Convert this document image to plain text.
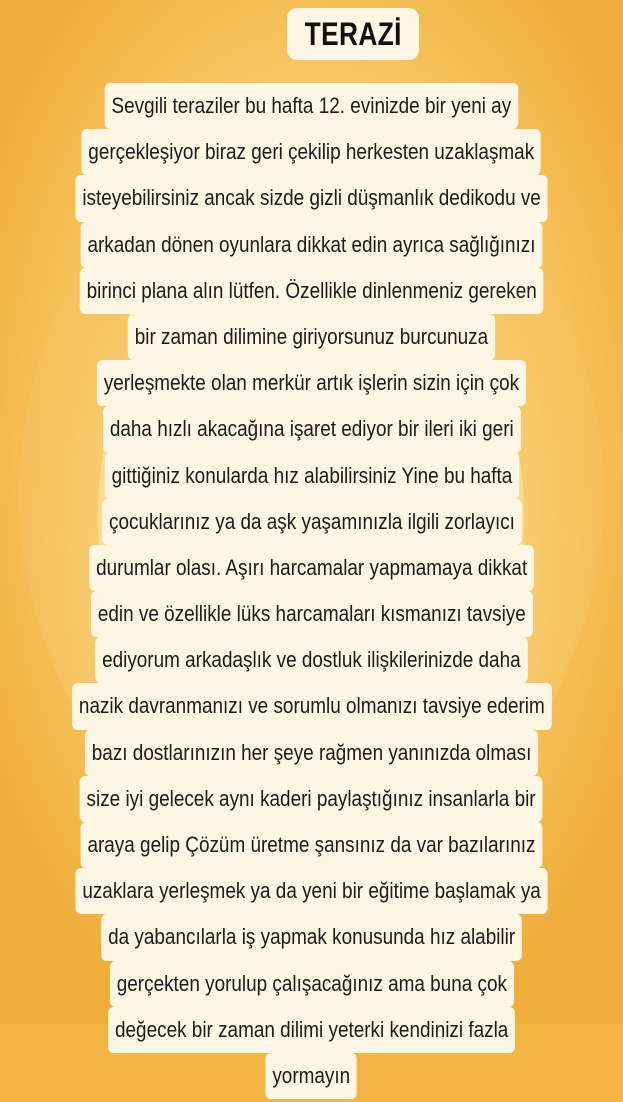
TERAZİ
Sevgili teraziler bu hafta 12. evinizde bir yeni ay
gerçekleşiyor biraz geri çekilip herkesten uzaklaşmak
isteyebilirsiniz ancak sizde gizli düşmanlık dedikodu ve
arkadan dönen oyunlara dikkat edin ayrıca sağlığınızı
birinci plana alın lütfen. Özellikle dinlenmeniz gereken
bir zaman dilimine giriyorsunuz burcunuza
yerleşmekte olan merkür artık işlerin sizin için çok
daha hızlı akacağına işaret ediyor bir ileri iki geri
gittiğiniz konularda hız alabilirsiniz Yine bu hafta
çocuklarınız ya da aşk yaşamınızla ilgili zorlayıcı
durumlar olası. Aşırı harcamalar yapmamaya dikkat
edin ve özellikle lüks harcamaları kısmanızı tavsiye
ediyorum arkadaşlık ve dostluk ilişkilerinizde daha
nazik davranmanızı ve sorumlu olmanızı tavsiye ederim
bazı dostlarınızın her şeye rağmen yanınızda olması
size iyi gelecek aynı kaderi paylaştığınız insanlarla bir
araya gelip Çözüm üretme şansınız da var bazılarınız
uzaklara yerleşmek ya da yeni bir eğitime başlamak ya
da yabancılarla iş yapmak konusunda hız alabilir
gerçekten yorulup çalışacağınız ama buna çok
değecek bir zaman dilimi yeterki kendinizi fazla
yormayın
